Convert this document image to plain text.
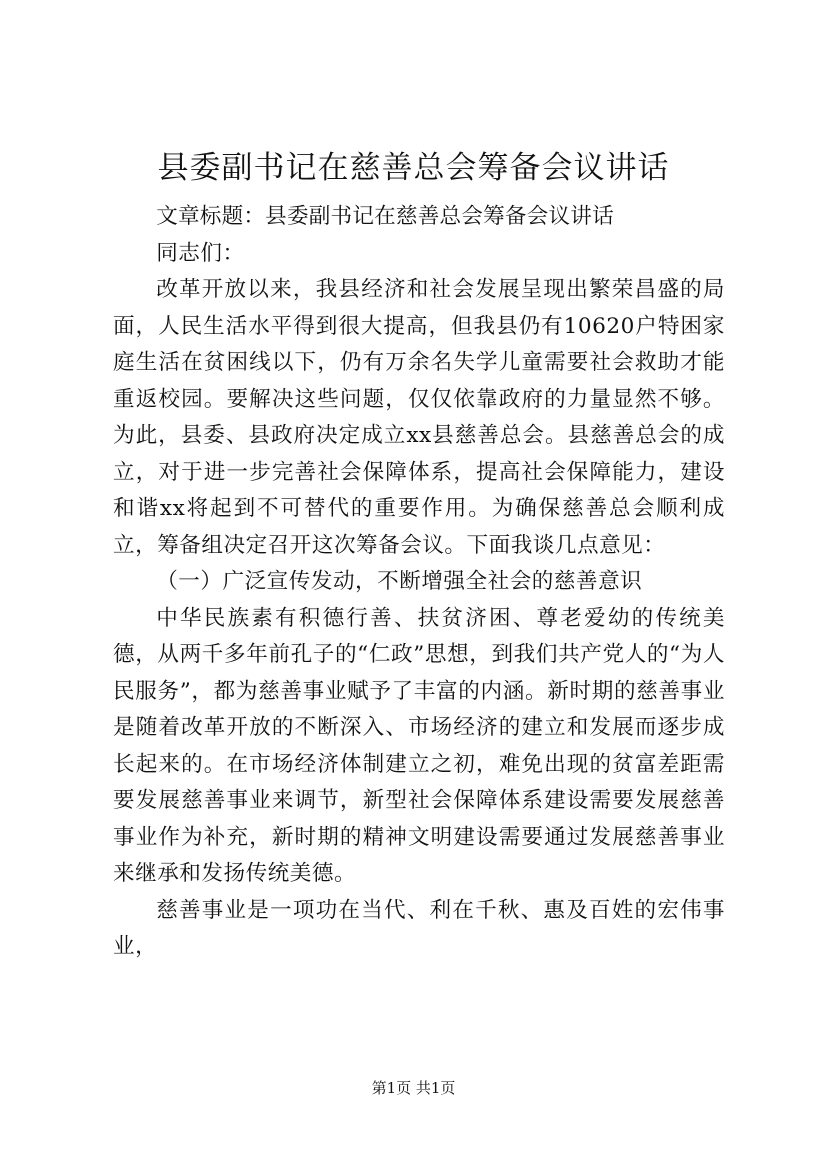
县委副书记在慈善总会筹备会议讲话

文章标题：县委副书记在慈善总会筹备会议讲话

同志们：

改革开放以来，我县经济和社会发展呈现出繁荣昌盛的局面，人民生活水平得到很大提高，但我县仍有10620户特困家庭生活在贫困线以下，仍有万余名失学儿童需要社会救助才能重返校园。要解决这些问题，仅仅依靠政府的力量显然不够。为此，县委、县政府决定成立xx县慈善总会。县慈善总会的成立，对于进一步完善社会保障体系，提高社会保障能力，建设和谐xx将起到不可替代的重要作用。为确保慈善总会顺利成立，筹备组决定召开这次筹备会议。下面我谈几点意见：

（一）广泛宣传发动，不断增强全社会的慈善意识

中华民族素有积德行善、扶贫济困、尊老爱幼的传统美德，从两千多年前孔子的“仁政”思想，到我们共产党人的“为人民服务”，都为慈善事业赋予了丰富的内涵。新时期的慈善事业是随着改革开放的不断深入、市场经济的建立和发展而逐步成长起来的。在市场经济体制建立之初，难免出现的贫富差距需要发展慈善事业来调节，新型社会保障体系建设需要发展慈善事业作为补充，新时期的精神文明建设需要通过发展慈善事业来继承和发扬传统美德。

慈善事业是一项功在当代、利在千秋、惠及百姓的宏伟事业，

第1页 共1页
